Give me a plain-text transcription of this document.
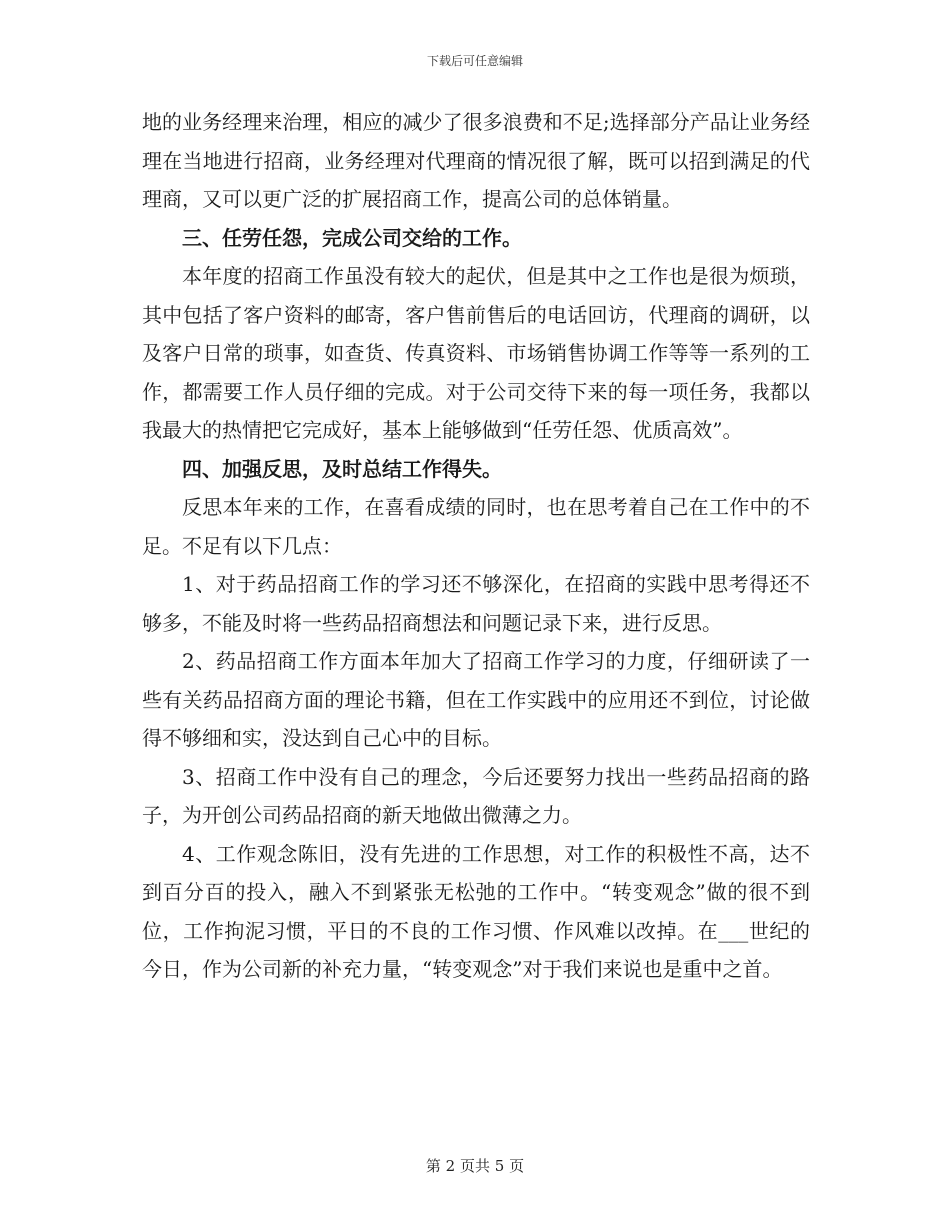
下载后可任意编辑

地的业务经理来治理，相应的减少了很多浪费和不足;选择部分产品让业务经理在当地进行招商，业务经理对代理商的情况很了解，既可以招到满足的代理商，又可以更广泛的扩展招商工作，提高公司的总体销量。

三、任劳任怨，完成公司交给的工作。

本年度的招商工作虽没有较大的起伏，但是其中之工作也是很为烦琐，其中包括了客户资料的邮寄，客户售前售后的电话回访，代理商的调研，以及客户日常的琐事，如查货、传真资料、市场销售协调工作等等一系列的工作，都需要工作人员仔细的完成。对于公司交待下来的每一项任务，我都以我最大的热情把它完成好，基本上能够做到“任劳任怨、优质高效”。

四、加强反思，及时总结工作得失。

反思本年来的工作，在喜看成绩的同时，也在思考着自己在工作中的不足。不足有以下几点：

1、对于药品招商工作的学习还不够深化，在招商的实践中思考得还不够多，不能及时将一些药品招商想法和问题记录下来，进行反思。

2、药品招商工作方面本年加大了招商工作学习的力度，仔细研读了一些有关药品招商方面的理论书籍，但在工作实践中的应用还不到位，讨论做得不够细和实，没达到自己心中的目标。

3、招商工作中没有自己的理念，今后还要努力找出一些药品招商的路子，为开创公司药品招商的新天地做出微薄之力。

4、工作观念陈旧，没有先进的工作思想，对工作的积极性不高，达不到百分百的投入，融入不到紧张无松弛的工作中。“转变观念”做的很不到位，工作拘泥习惯，平日的不良的工作习惯、作风难以改掉。在___世纪的今日，作为公司新的补充力量，“转变观念”对于我们来说也是重中之首。

第 2 页共 5 页
